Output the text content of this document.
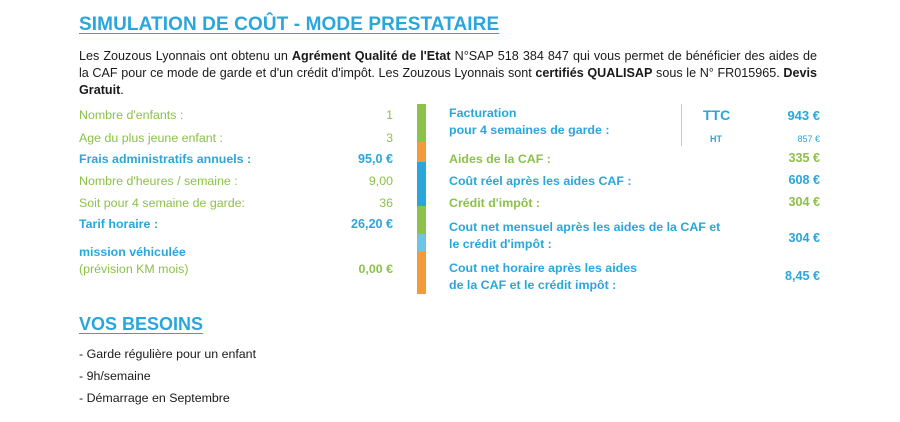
SIMULATION DE COÛT - MODE PRESTATAIRE
Les Zouzous Lyonnais ont obtenu un Agrément Qualité de l'Etat N°SAP 518 384 847 qui vous permet de bénéficier des aides de la CAF pour ce mode de garde et d'un crédit d'impôt. Les Zouzous Lyonnais sont certifiés QUALISAP sous le N° FR015965. Devis Gratuit.
Nombre d'enfants :	1
Age du plus jeune enfant :	3
Frais administratifs annuels :	95,0 €
Nombre d'heures / semaine :	9,00
Soit pour 4 semaine de garde:	36
Tarif horaire :	26,20 €
mission véhiculée
(prévision KM mois)	0,00 €
Facturation
pour 4 semaines de garde :
TTC	943 €
HT	857 €
Aides de la CAF :	335 €
Coût réel après les aides CAF :	608 €
Crédit d'impôt :	304 €
Cout net mensuel après les aides de la CAF et
le crédit d'impôt :	304 €
Cout net horaire après les aides
de la CAF et le crédit impôt :
8,45 €
VOS BESOINS
- Garde régulière pour un enfant
- 9h/semaine
- Démarrage en Septembre
